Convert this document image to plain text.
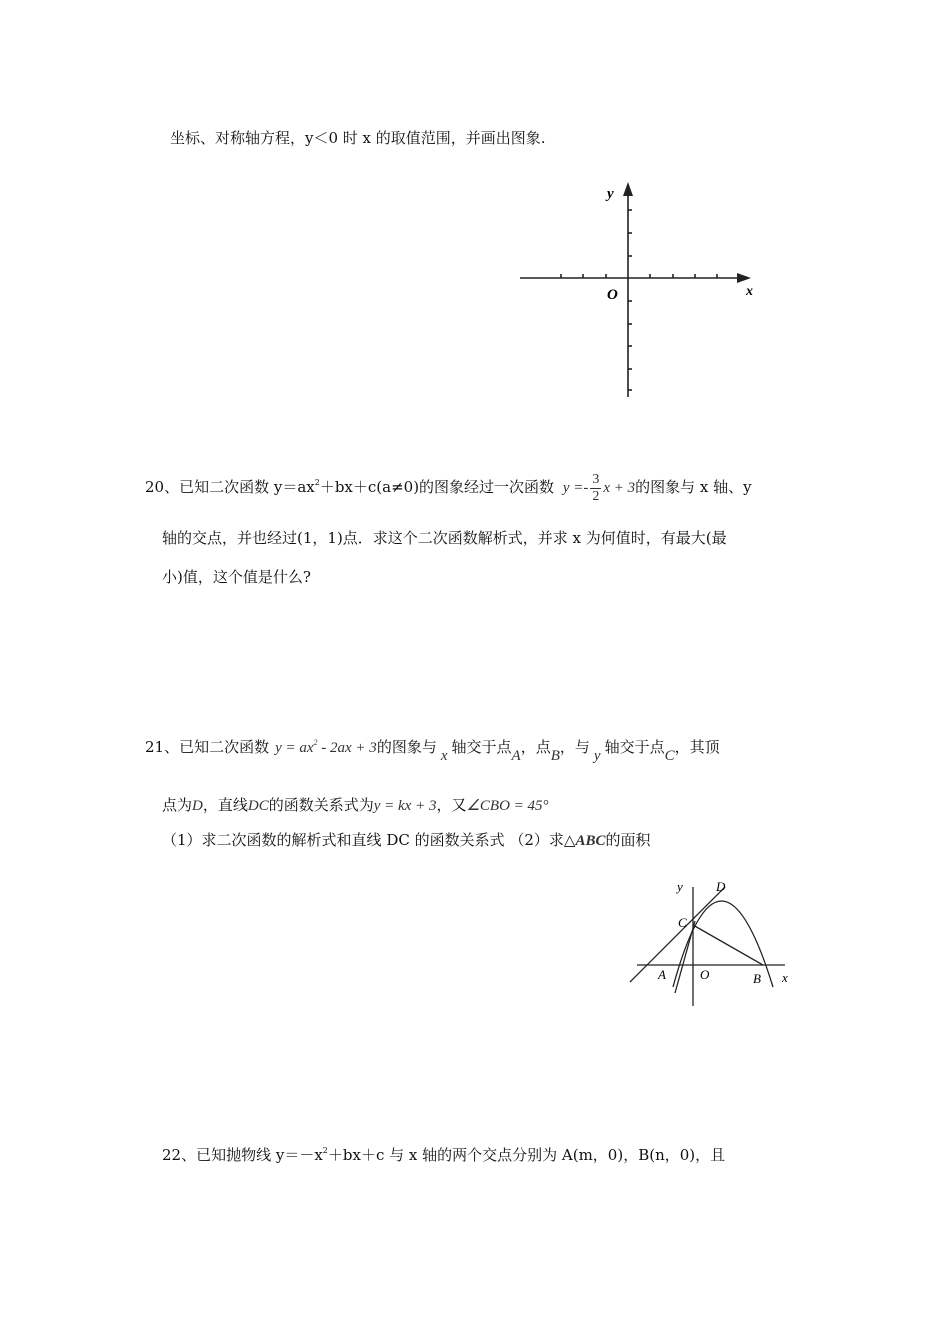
坐标、对称轴方程，y＜0 时 x 的取值范围，并画出图象.
y
x
O
20、已知二次函数 $y=ax^2+bx+c(a\ne 0)$的图象经过一次函数 $y =- \frac{3}{2}$ x + 3的图象与 x 轴、y
轴的交点，并也经过(1，1)点．求这个二次函数解析式，并求 x 为何值时，有最大(最
小)值，这个值是什么?
21、已知二次函数 $y = ax^2 - 2ax + 3$的图象与 x 轴交于点A，点B，与 y 轴交于点C，其顶
点为D，直线DC的函数关系式为y = kx + 3，又∠CBO = 45°
（1）求二次函数的解析式和直线 DC 的函数关系式 （2）求△ABC的面积
y	D
C
A	O	B x
22、已知抛物线 $y=-x^2+bx+c$ 与 x 轴的两个交点分别为 A(m，0)，B(n，0)，且
